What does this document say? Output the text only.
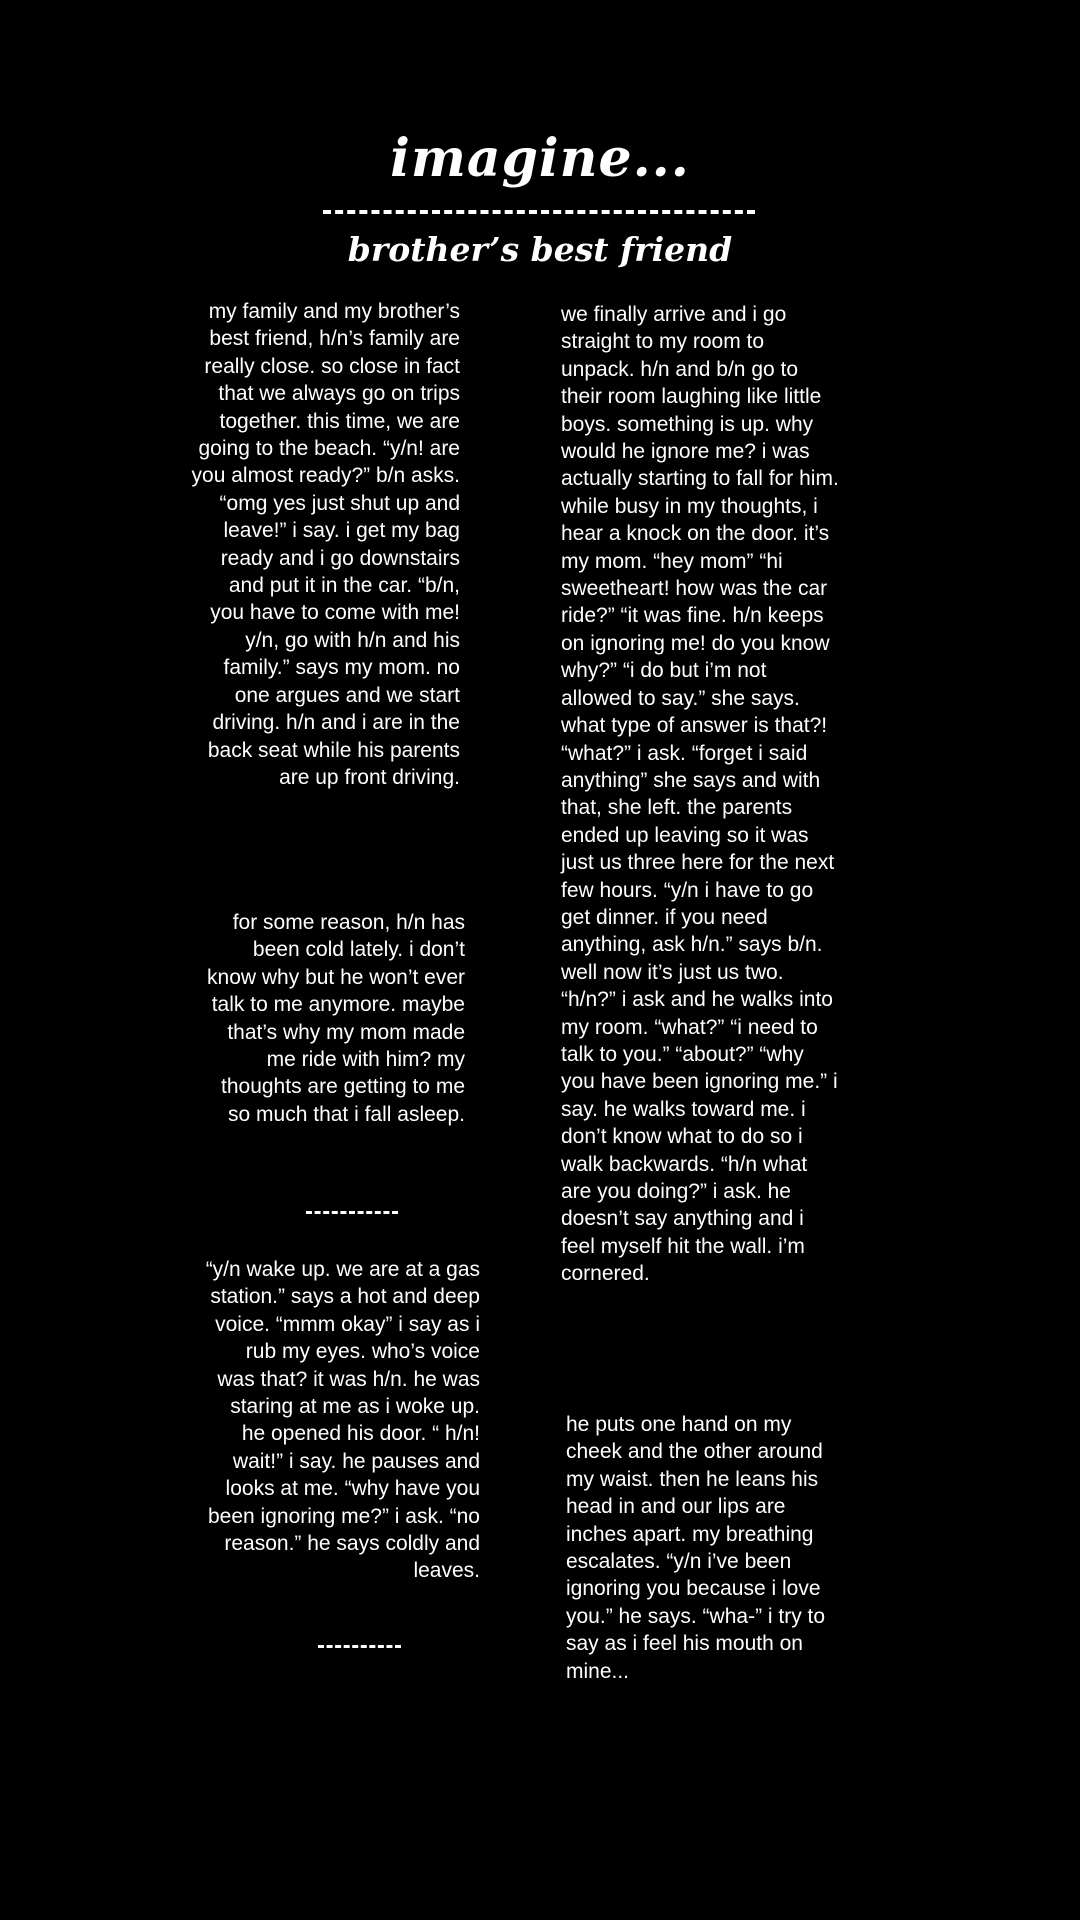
imagine...
brother’s best friend

my family and my brother’s best friend, h/n’s family are really close. so close in fact that we always go on trips together. this time, we are going to the beach. “y/n! are you almost ready?” b/n asks. “omg yes just shut up and leave!” i say. i get my bag ready and i go downstairs and put it in the car. “b/n, you have to come with me! y/n, go with h/n and his family.” says my mom. no one argues and we start driving. h/n and i are in the back seat while his parents are up front driving.

for some reason, h/n has been cold lately. i don’t know why but he won’t ever talk to me anymore. maybe that’s why my mom made me ride with him? my thoughts are getting to me so much that i fall asleep.

“y/n wake up. we are at a gas station.” says a hot and deep voice. “mmm okay” i say as i rub my eyes. who’s voice was that? it was h/n. he was staring at me as i woke up. he opened his door. “ h/n! wait!” i say. he pauses and looks at me. “why have you been ignoring me?” i ask. “no reason.” he says coldly and leaves.

we finally arrive and i go straight to my room to unpack. h/n and b/n go to their room laughing like little boys. something is up. why would he ignore me? i was actually starting to fall for him. while busy in my thoughts, i hear a knock on the door. it’s my mom. “hey mom” “hi sweetheart! how was the car ride?” “it was fine. h/n keeps on ignoring me! do you know why?” “i do but i’m not allowed to say.” she says. what type of answer is that?! “what?” i ask. “forget i said anything” she says and with that, she left. the parents ended up leaving so it was just us three here for the next few hours. “y/n i have to go get dinner. if you need anything, ask h/n.” says b/n. well now it’s just us two. “h/n?” i ask and he walks into my room. “what?” “i need to talk to you.” “about?” “why you have been ignoring me.” i say. he walks toward me. i don’t know what to do so i walk backwards. “h/n what are you doing?” i ask. he doesn’t say anything and i feel myself hit the wall. i’m cornered.

he puts one hand on my cheek and the other around my waist. then he leans his head in and our lips are inches apart. my breathing escalates. “y/n i’ve been ignoring you because i love you.” he says. “wha-” i try to say as i feel his mouth on mine...
